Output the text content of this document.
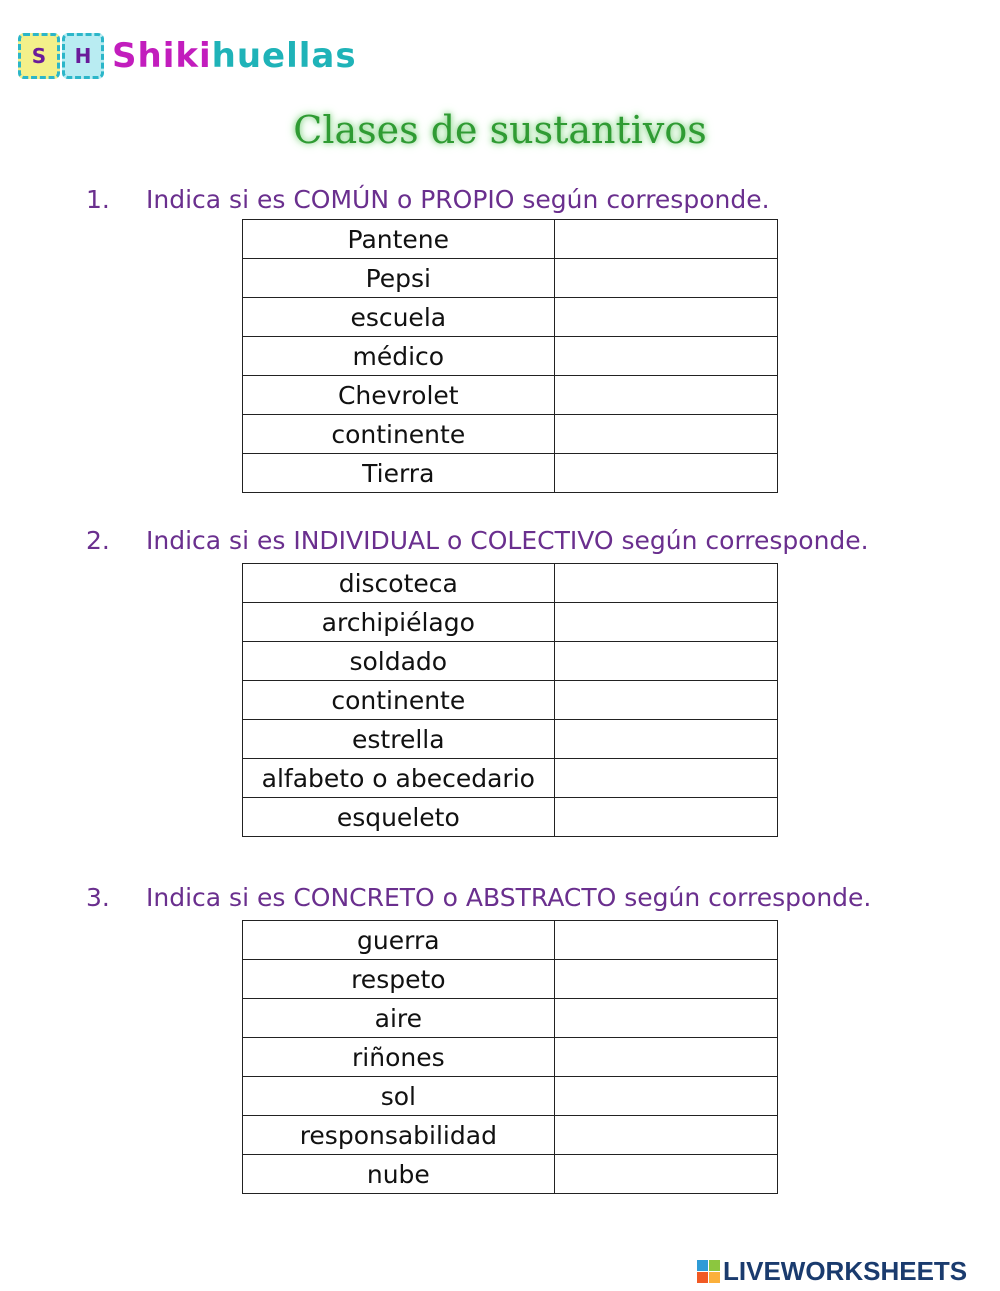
S	H Shikihuellas
Clases de sustantivos
1.	Indica si es COMÚN o PROPIO según corresponde.
Pantene	
Pepsi	
escuela	
médico	
Chevrolet	
continente	
Tierra	
2.	Indica si es INDIVIDUAL o COLECTIVO según corresponde.
discoteca	
archipiélago	
soldado	
continente	
estrella	
alfabeto o abecedario	
esqueleto	
3.	Indica si es CONCRETO o ABSTRACTO según corresponde.
guerra	
respeto	
aire	
riñones	
sol	
responsabilidad	
nube	
LIVEWORKSHEETS
